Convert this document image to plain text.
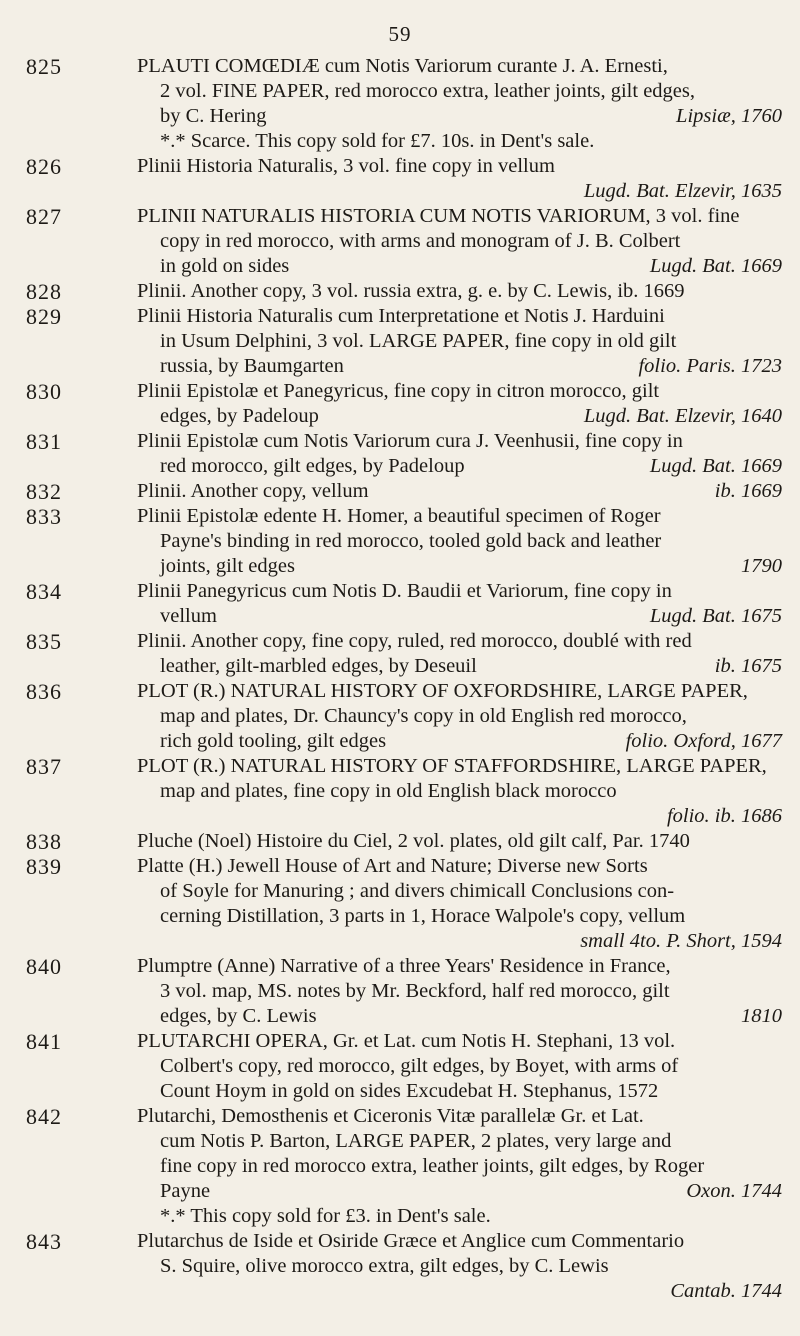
59
825	PLAUTI COMŒDIÆ cum Notis Variorum curante J. A. Ernesti,
2 vol. FINE PAPER, red morocco extra, leather joints, gilt edges,
by C. Hering	Lipsiæ, 1760
*.* Scarce. This copy sold for £7. 10s. in Dent's sale.
826	Plinii Historia Naturalis, 3 vol. fine copy in vellum
Lugd. Bat. Elzevir, 1635
827	PLINII NATURALIS HISTORIA CUM NOTIS VARIORUM, 3 vol. fine
copy in red morocco, with arms and monogram of J. B. Colbert
in gold on sides	Lugd. Bat. 1669
828	Plinii. Another copy, 3 vol. russia extra, g. e. by C. Lewis, ib. 1669
829	Plinii Historia Naturalis cum Interpretatione et Notis J. Harduini
in Usum Delphini, 3 vol. LARGE PAPER, fine copy in old gilt
russia, by Baumgarten	folio. Paris. 1723
830	Plinii Epistolæ et Panegyricus, fine copy in citron morocco, gilt
edges, by Padeloup	Lugd. Bat. Elzevir, 1640
831	Plinii Epistolæ cum Notis Variorum cura J. Veenhusii, fine copy in
red morocco, gilt edges, by Padeloup	Lugd. Bat. 1669
832	Plinii. Another copy, vellum	ib. 1669
833	Plinii Epistolæ edente H. Homer, a beautiful specimen of Roger
Payne's binding in red morocco, tooled gold back and leather
joints, gilt edges	1790
834	Plinii Panegyricus cum Notis D. Baudii et Variorum, fine copy in
vellum	Lugd. Bat. 1675
835	Plinii. Another copy, fine copy, ruled, red morocco, doublé with red
leather, gilt-marbled edges, by Deseuil	ib. 1675
836	PLOT (R.) NATURAL HISTORY OF OXFORDSHIRE, LARGE PAPER,
map and plates, Dr. Chauncy's copy in old English red morocco,
rich gold tooling, gilt edges	folio. Oxford, 1677
837	PLOT (R.) NATURAL HISTORY OF STAFFORDSHIRE, LARGE PAPER,
map and plates, fine copy in old English black morocco
folio. ib. 1686
838	Pluche (Noel) Histoire du Ciel, 2 vol. plates, old gilt calf, Par. 1740
839	Platte (H.) Jewell House of Art and Nature; Diverse new Sorts
of Soyle for Manuring ; and divers chimicall Conclusions con-
cerning Distillation, 3 parts in 1, Horace Walpole's copy, vellum
small 4to. P. Short, 1594
840	Plumptre (Anne) Narrative of a three Years' Residence in France,
3 vol. map, MS. notes by Mr. Beckford, half red morocco, gilt
edges, by C. Lewis	1810
841	PLUTARCHI OPERA, Gr. et Lat. cum Notis H. Stephani, 13 vol.
Colbert's copy, red morocco, gilt edges, by Boyet, with arms of
Count Hoym in gold on sides Excudebat H. Stephanus, 1572
842	Plutarchi, Demosthenis et Ciceronis Vitæ parallelæ Gr. et Lat.
cum Notis P. Barton, LARGE PAPER, 2 plates, very large and
fine copy in red morocco extra, leather joints, gilt edges, by Roger
Payne	Oxon. 1744
*.* This copy sold for £3. in Dent's sale.
843	Plutarchus de Iside et Osiride Græce et Anglice cum Commentario
S. Squire, olive morocco extra, gilt edges, by C. Lewis
Cantab. 1744
